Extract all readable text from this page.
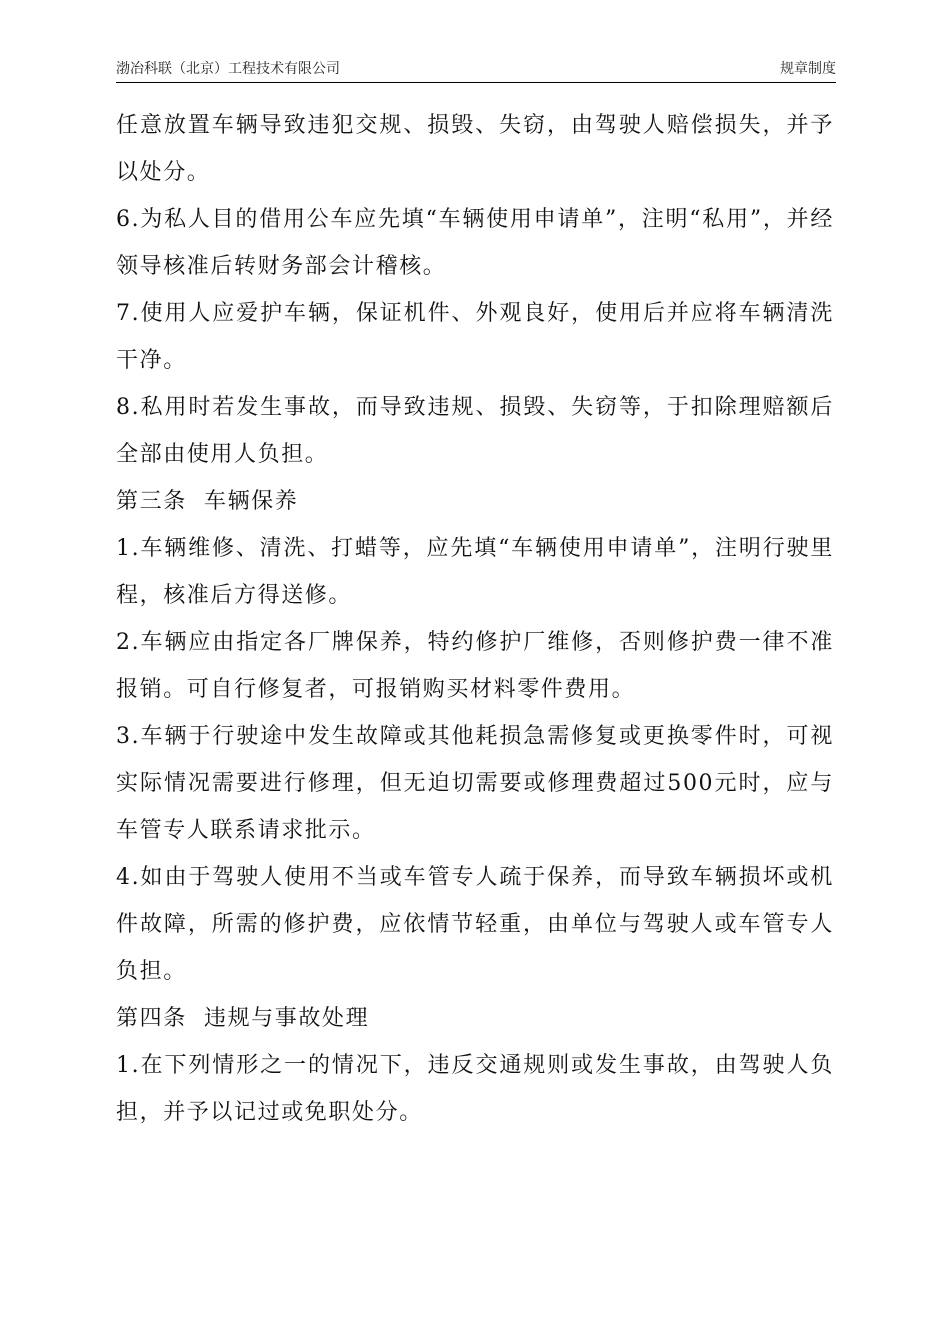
渤冶科联（北京）工程技术有限公司	规章制度

任意放置车辆导致违犯交规、损毁、失窃，由驾驶人赔偿损失，并予以处分。

6.为私人目的借用公车应先填“车辆使用申请单”，注明“私用”，并经领导核准后转财务部会计稽核。

7.使用人应爱护车辆，保证机件、外观良好，使用后并应将车辆清洗干净。

8.私用时若发生事故，而导致违规、损毁、失窃等，于扣除理赔额后全部由使用人负担。

第三条  车辆保养

1.车辆维修、清洗、打蜡等，应先填“车辆使用申请单”，注明行驶里程，核准后方得送修。

2.车辆应由指定各厂牌保养，特约修护厂维修，否则修护费一律不准报销。可自行修复者，可报销购买材料零件费用。

3.车辆于行驶途中发生故障或其他耗损急需修复或更换零件时，可视实际情况需要进行修理，但无迫切需要或修理费超过500元时，应与车管专人联系请求批示。

4.如由于驾驶人使用不当或车管专人疏于保养，而导致车辆损坏或机件故障，所需的修护费，应依情节轻重，由单位与驾驶人或车管专人负担。

第四条  违规与事故处理

1.在下列情形之一的情况下，违反交通规则或发生事故，由驾驶人负担，并予以记过或免职处分。
